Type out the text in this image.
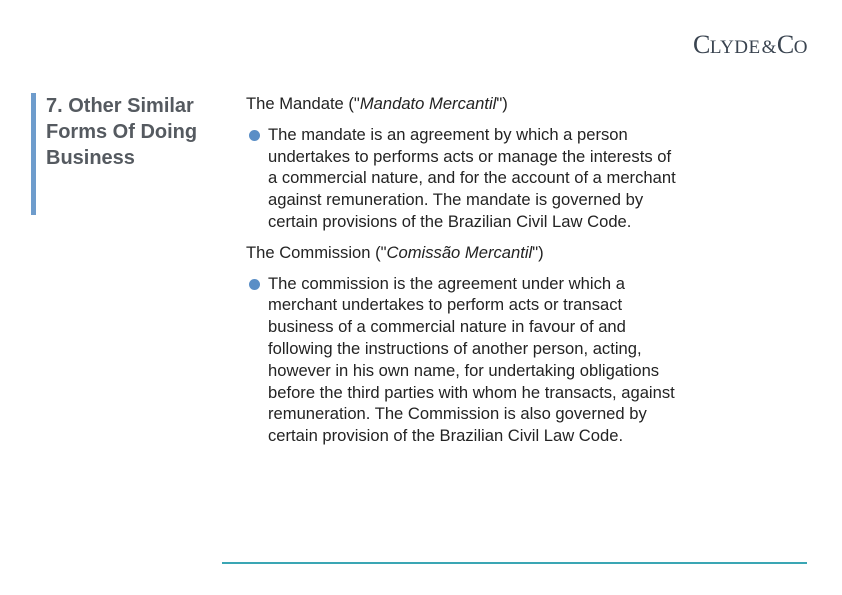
CLYDE&CO
7. Other Similar Forms Of Doing Business

The Mandate ("Mandato Mercantil")

The mandate is an agreement by which a person undertakes to performs acts or manage the interests of a commercial nature, and for the account of a merchant against remuneration. The mandate is governed by certain provisions of the Brazilian Civil Law Code.

The Commission ("Comissão Mercantil")

The commission is the agreement under which a merchant undertakes to perform acts or transact business of a commercial nature in favour of and following the instructions of another person, acting, however in his own name, for undertaking obligations before the third parties with whom he transacts, against remuneration. The Commission is also governed by certain provision of the Brazilian Civil Law Code.
